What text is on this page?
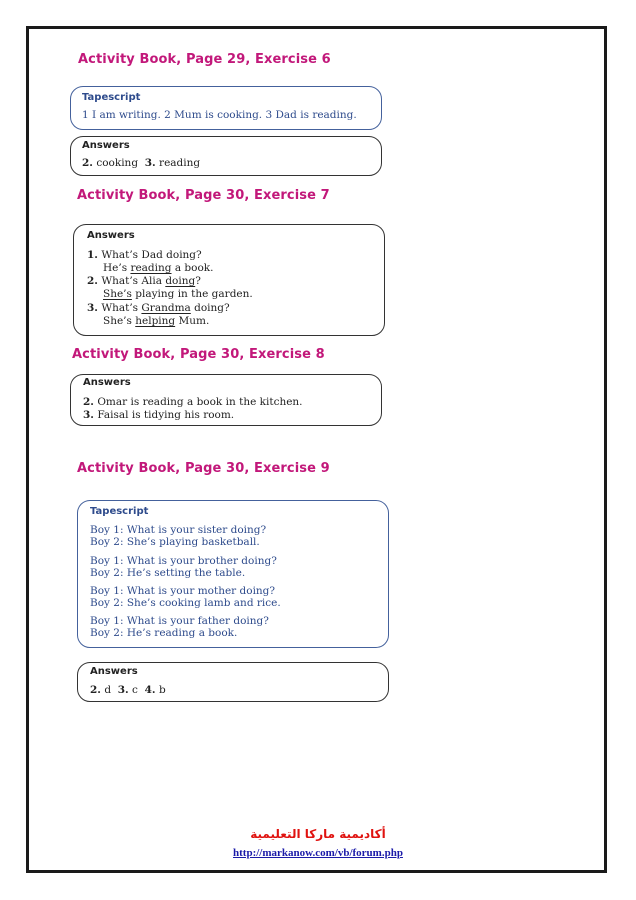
Activity Book, Page 29, Exercise 6
Tapescript
1 I am writing. 2 Mum is cooking. 3 Dad is reading.
Answers
2. cooking 3. reading
Activity Book, Page 30, Exercise 7
Answers
1. What’s Dad doing?
He’s reading a book.
2. What’s Alia doing?
She’s playing in the garden.
3. What’s Grandma doing?
She’s helping Mum.
Activity Book, Page 30, Exercise 8
Answers
2. Omar is reading a book in the kitchen.
3. Faisal is tidying his room.
Activity Book, Page 30, Exercise 9
Tapescript
Boy 1: What is your sister doing?
Boy 2: She’s playing basketball.
Boy 1: What is your brother doing?
Boy 2: He’s setting the table.
Boy 1: What is your mother doing?
Boy 2: She’s cooking lamb and rice.
Boy 1: What is your father doing?
Boy 2: He’s reading a book.
Answers
2. d 3. c 4. b
أكاديمية ماركا التعليمية
http://markanow.com/vb/forum.php
